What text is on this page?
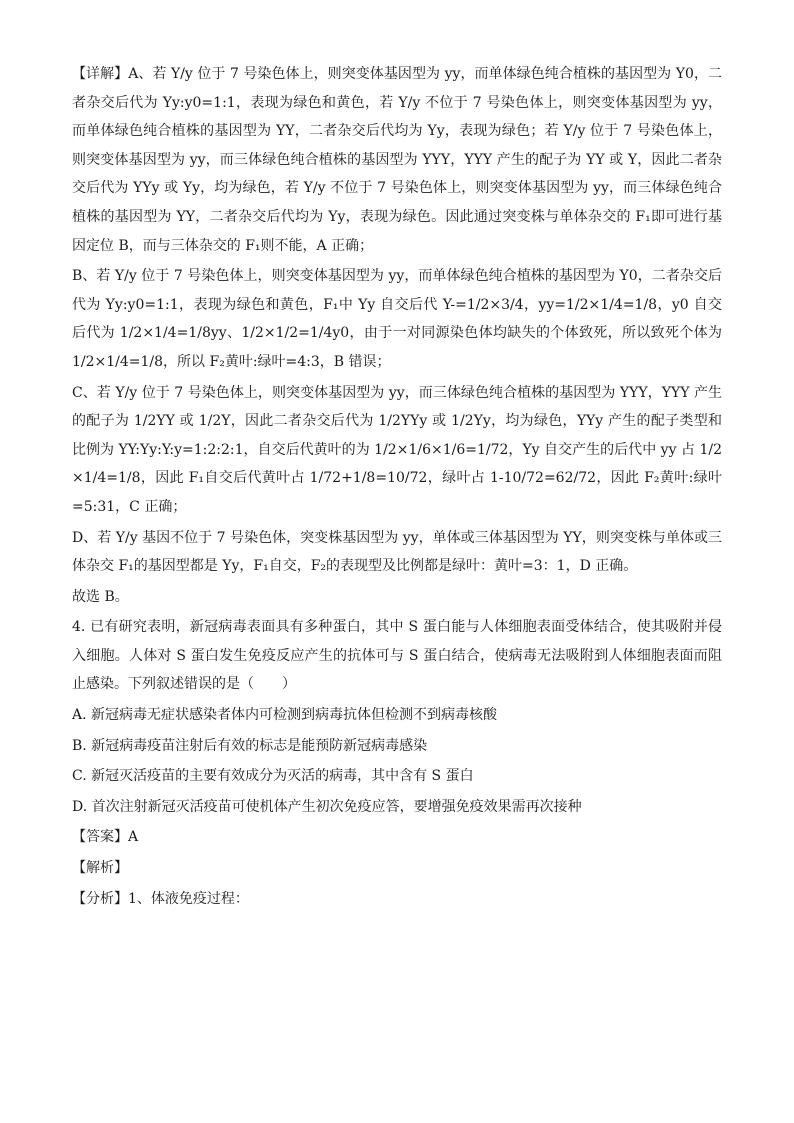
【详解】A、若 Y/y 位于 7 号染色体上，则突变体基因型为 yy，而单体绿色纯合植株的基因型为 Y0，二者杂交后代为 Yy:y0=1:1，表现为绿色和黄色，若 Y/y 不位于 7 号染色体上，则突变体基因型为 yy，而单体绿色纯合植株的基因型为 YY，二者杂交后代均为 Yy，表现为绿色；若 Y/y 位于 7 号染色体上，则突变体基因型为 yy，而三体绿色纯合植株的基因型为 YYY，YYY 产生的配子为 YY 或 Y，因此二者杂交后代为 YYy 或 Yy，均为绿色，若 Y/y 不位于 7 号染色体上，则突变体基因型为 yy，而三体绿色纯合植株的基因型为 YY，二者杂交后代均为 Yy，表现为绿色。因此通过突变株与单体杂交的 F₁即可进行基因定位 B，而与三体杂交的 F₁则不能，A 正确；

B、若 Y/y 位于 7 号染色体上，则突变体基因型为 yy，而单体绿色纯合植株的基因型为 Y0，二者杂交后代为 Yy:y0=1:1，表现为绿色和黄色，F₁中 Yy 自交后代 Y-=1/2×3/4，yy=1/2×1/4=1/8，y0 自交后代为 1/2×1/4=1/8yy、1/2×1/2=1/4y0，由于一对同源染色体均缺失的个体致死，所以致死个体为 1/2×1/4=1/8，所以 F₂黄叶:绿叶=4:3，B 错误；

C、若 Y/y 位于 7 号染色体上，则突变体基因型为 yy，而三体绿色纯合植株的基因型为 YYY，YYY 产生的配子为 1/2YY 或 1/2Y，因此二者杂交后代为 1/2YYy 或 1/2Yy，均为绿色，YYy 产生的配子类型和比例为 YY:Yy:Y:y=1:2:2:1，自交后代黄叶的为 1/2×1/6×1/6=1/72，Yy 自交产生的后代中 yy 占 1/2×1/4=1/8，因此 F₁自交后代黄叶占 1/72+1/8=10/72，绿叶占 1-10/72=62/72，因此 F₂黄叶:绿叶=5:31，C 正确；

D、若 Y/y 基因不位于 7 号染色体，突变株基因型为 yy，单体或三体基因型为 YY，则突变株与单体或三体杂交 F₁的基因型都是 Yy，F₁自交，F₂的表现型及比例都是绿叶：黄叶=3：1，D 正确。

故选 B。

4. 已有研究表明，新冠病毒表面具有多种蛋白，其中 S 蛋白能与人体细胞表面受体结合，使其吸附并侵入细胞。人体对 S 蛋白发生免疫反应产生的抗体可与 S 蛋白结合，使病毒无法吸附到人体细胞表面而阻止感染。下列叙述错误的是（　　）

A. 新冠病毒无症状感染者体内可检测到病毒抗体但检测不到病毒核酸

B. 新冠病毒疫苗注射后有效的标志是能预防新冠病毒感染

C. 新冠灭活疫苗的主要有效成分为灭活的病毒，其中含有 S 蛋白

D. 首次注射新冠灭活疫苗可使机体产生初次免疫应答，要增强免疫效果需再次接种

【答案】A

【解析】

【分析】1、体液免疫过程：
